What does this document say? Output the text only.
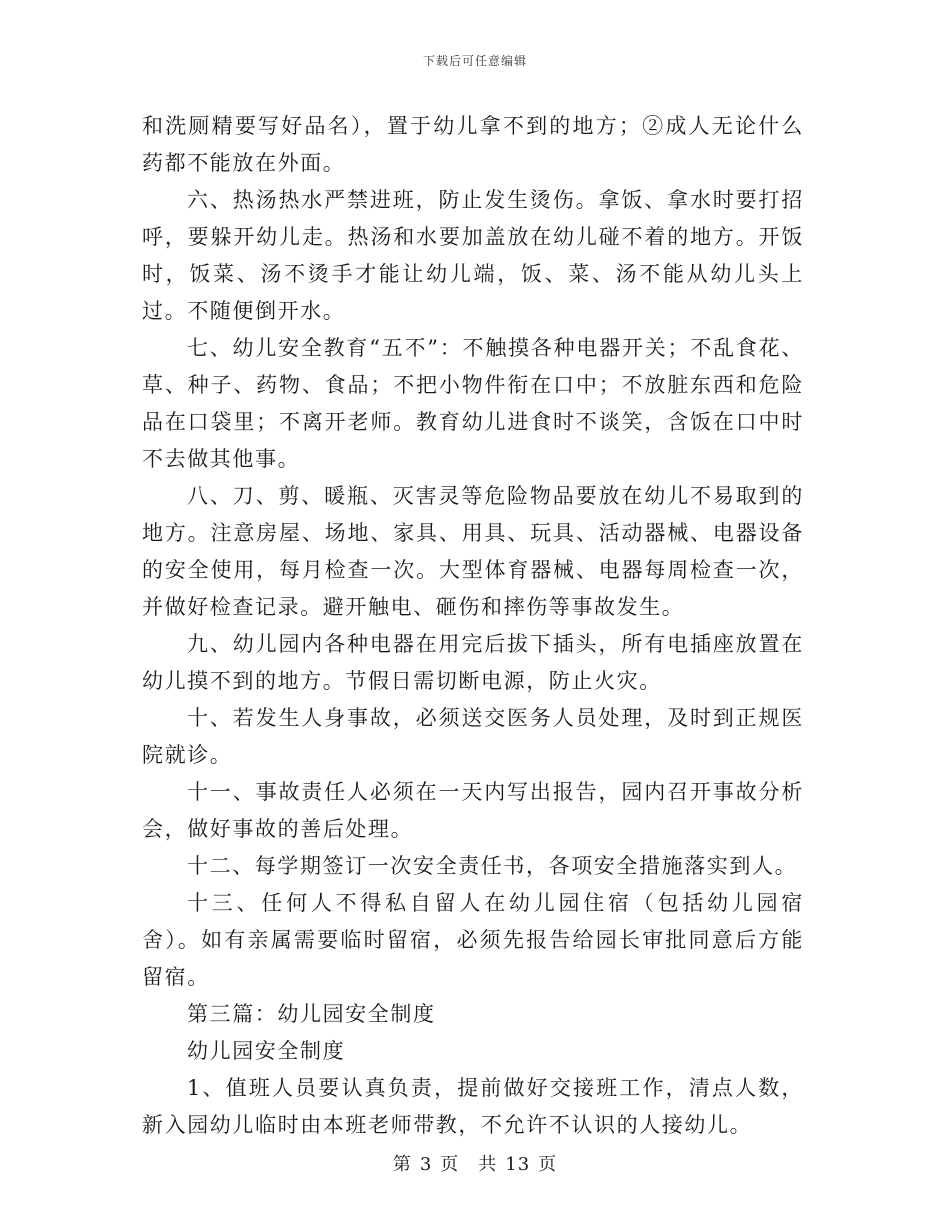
下载后可任意编辑

和洗厕精要写好品名），置于幼儿拿不到的地方；②成人无论什么药都不能放在外面。

六、热汤热水严禁进班，防止发生烫伤。拿饭、拿水时要打招呼，要躲开幼儿走。热汤和水要加盖放在幼儿碰不着的地方。开饭时，饭菜、汤不烫手才能让幼儿端，饭、菜、汤不能从幼儿头上过。不随便倒开水。

七、幼儿安全教育“五不”：不触摸各种电器开关；不乱食花、草、种子、药物、食品；不把小物件衔在口中；不放脏东西和危险品在口袋里；不离开老师。教育幼儿进食时不谈笑，含饭在口中时不去做其他事。

八、刀、剪、暖瓶、灭害灵等危险物品要放在幼儿不易取到的地方。注意房屋、场地、家具、用具、玩具、活动器械、电器设备的安全使用，每月检查一次。大型体育器械、电器每周检查一次，并做好检查记录。避开触电、砸伤和摔伤等事故发生。

九、幼儿园内各种电器在用完后拔下插头，所有电插座放置在幼儿摸不到的地方。节假日需切断电源，防止火灾。

十、若发生人身事故，必须送交医务人员处理，及时到正规医院就诊。

十一、事故责任人必须在一天内写出报告，园内召开事故分析会，做好事故的善后处理。

十二、每学期签订一次安全责任书，各项安全措施落实到人。

十三、任何人不得私自留人在幼儿园住宿（包括幼儿园宿舍）。如有亲属需要临时留宿，必须先报告给园长审批同意后方能留宿。

第三篇：幼儿园安全制度

幼儿园安全制度

1、值班人员要认真负责，提前做好交接班工作，清点人数，新入园幼儿临时由本班老师带教，不允许不认识的人接幼儿。

第 3 页　共 13 页
